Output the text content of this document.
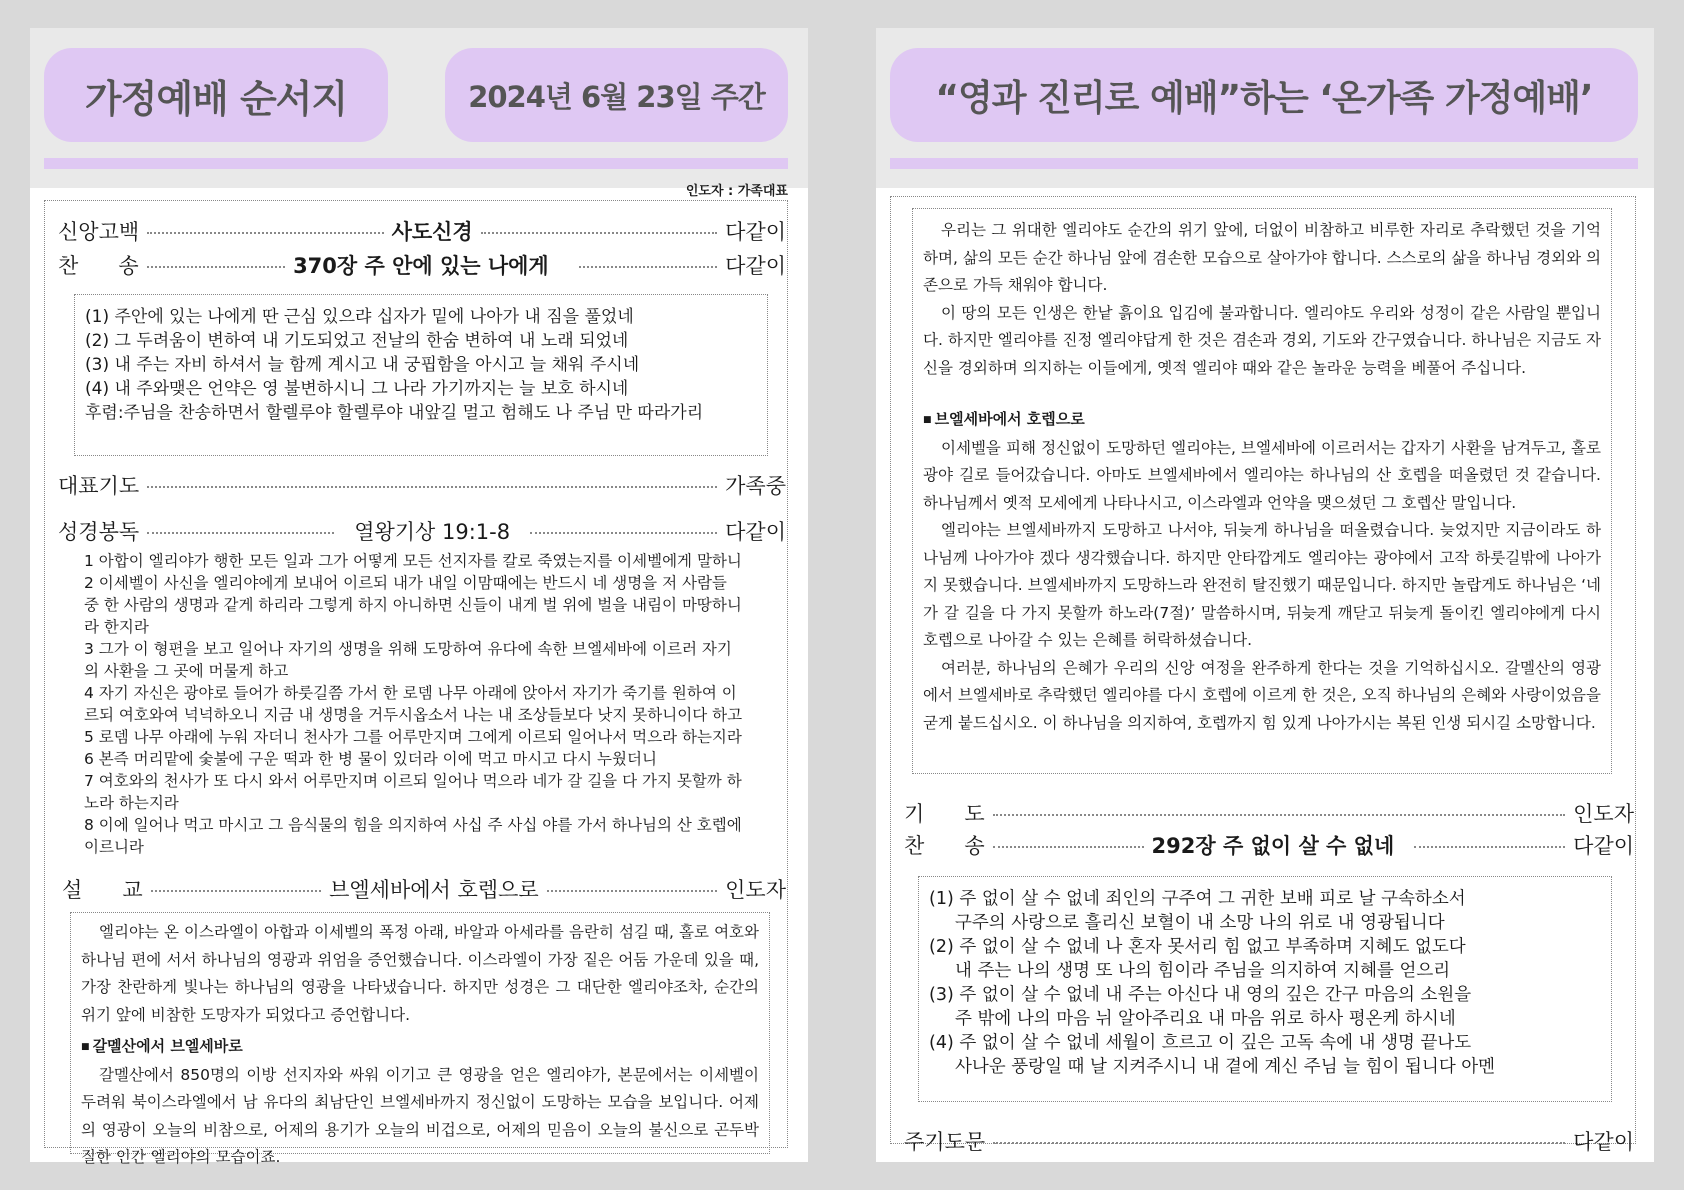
가정예배 순서지	2024년 6월 23일 주간
인도자 : 가족대표
신앙고백	사도신경	다같이
찬      송	370장 주 안에 있는 나에게	다같이

(1) 주안에 있는 나에게 딴 근심 있으랴 십자가 밑에 나아가 내 짐을 풀었네

(2) 그 두려움이 변하여 내 기도되었고 전날의 한숨 변하여 내 노래 되었네

(3) 내 주는 자비 하셔서 늘 함께 계시고 내 궁핍함을 아시고 늘 채워 주시네

(4) 내 주와맺은 언약은 영 불변하시니 그 나라 가기까지는 늘 보호 하시네

후렴:주님을 찬송하면서 할렐루야 할렐루야 내앞길 멀고 험해도 나 주님 만 따라가리

대표기도	가족중
성경봉독	열왕기상 19:1-8	다같이

1 아합이 엘리야가 행한 모든 일과 그가 어떻게 모든 선지자를 칼로 죽였는지를 이세벨에게 말하니

2 이세벨이 사신을 엘리야에게 보내어 이르되 내가 내일 이맘때에는 반드시 네 생명을 저 사람들

중 한 사람의 생명과 같게 하리라 그렇게 하지 아니하면 신들이 내게 벌 위에 벌을 내림이 마땅하니

라 한지라

3 그가 이 형편을 보고 일어나 자기의 생명을 위해 도망하여 유다에 속한 브엘세바에 이르러 자기

의 사환을 그 곳에 머물게 하고

4 자기 자신은 광야로 들어가 하룻길쯤 가서 한 로뎀 나무 아래에 앉아서 자기가 죽기를 원하여 이

르되 여호와여 넉넉하오니 지금 내 생명을 거두시옵소서 나는 내 조상들보다 낫지 못하니이다 하고

5 로뎀 나무 아래에 누워 자더니 천사가 그를 어루만지며 그에게 이르되 일어나서 먹으라 하는지라

6 본즉 머리맡에 숯불에 구운 떡과 한 병 물이 있더라 이에 먹고 마시고 다시 누웠더니

7 여호와의 천사가 또 다시 와서 어루만지며 이르되 일어나 먹으라 네가 갈 길을 다 가지 못할까 하

노라 하는지라

8 이에 일어나 먹고 마시고 그 음식물의 힘을 의지하여 사십 주 사십 야를 가서 하나님의 산 호렙에

이르니라

설      교	브엘세바에서 호렙으로	인도자

엘리야는 온 이스라엘이 아합과 이세벨의 폭정 아래, 바알과 아세라를 음란히 섬길 때, 홀로 여호와 하나님 편에 서서 하나님의 영광과 위엄을 증언했습니다. 이스라엘이 가장 짙은 어둠 가운데 있을 때, 가장 찬란하게 빛나는 하나님의 영광을 나타냈습니다. 하지만 성경은 그 대단한 엘리야조차, 순간의 위기 앞에 비참한 도망자가 되었다고 증언합니다.

■ 갈멜산에서 브엘세바로

갈멜산에서 850명의 이방 선지자와 싸워 이기고 큰 영광을 얻은 엘리야가, 본문에서는 이세벨이 두려워 북이스라엘에서 남 유다의 최남단인 브엘세바까지 정신없이 도망하는 모습을 보입니다. 어제의 영광이 오늘의 비참으로, 어제의 용기가 오늘의 비겁으로, 어제의 믿음이 오늘의 불신으로 곤두박질한 인간 엘리야의 모습이죠.

“영과 진리로 예배”하는 ‘온가족 가정예배’

우리는 그 위대한 엘리야도 순간의 위기 앞에, 더없이 비참하고 비루한 자리로 추락했던 것을 기억하며, 삶의 모든 순간 하나님 앞에 겸손한 모습으로 살아가야 합니다. 스스로의 삶을 하나님 경외와 의존으로 가득 채워야 합니다.

이 땅의 모든 인생은 한낱 흙이요 입김에 불과합니다. 엘리야도 우리와 성정이 같은 사람일 뿐입니다. 하지만 엘리야를 진정 엘리야답게 한 것은 겸손과 경외, 기도와 간구였습니다. 하나님은 지금도 자신을 경외하며 의지하는 이들에게, 옛적 엘리야 때와 같은 놀라운 능력을 베풀어 주십니다.

■ 브엘세바에서 호렙으로

이세벨을 피해 정신없이 도망하던 엘리야는, 브엘세바에 이르러서는 갑자기 사환을 남겨두고, 홀로 광야 길로 들어갔습니다. 아마도 브엘세바에서 엘리야는 하나님의 산 호렙을 떠올렸던 것 같습니다. 하나님께서 옛적 모세에게 나타나시고, 이스라엘과 언약을 맺으셨던 그 호렙산 말입니다.

엘리야는 브엘세바까지 도망하고 나서야, 뒤늦게 하나님을 떠올렸습니다. 늦었지만 지금이라도 하나님께 나아가야 겠다 생각했습니다. 하지만 안타깝게도 엘리야는 광야에서 고작 하룻길밖에 나아가지 못했습니다. 브엘세바까지 도망하느라 완전히 탈진했기 때문입니다. 하지만 놀랍게도 하나님은 ‘네가 갈 길을 다 가지 못할까 하노라(7절)’ 말씀하시며, 뒤늦게 깨닫고 뒤늦게 돌이킨 엘리야에게 다시 호렙으로 나아갈 수 있는 은혜를 허락하셨습니다.

여러분, 하나님의 은혜가 우리의 신앙 여정을 완주하게 한다는 것을 기억하십시오. 갈멜산의 영광에서 브엘세바로 추락했던 엘리야를 다시 호렙에 이르게 한 것은, 오직 하나님의 은혜와 사랑이었음을 굳게 붙드십시오. 이 하나님을 의지하여, 호렙까지 힘 있게 나아가시는 복된 인생 되시길 소망합니다.

기      도	인도자
찬      송	292장 주 없이 살 수 없네	다같이

(1) 주 없이 살 수 없네 죄인의 구주여 그 귀한 보배 피로 날 구속하소서

구주의 사랑으로 흘리신 보혈이 내 소망 나의 위로 내 영광됩니다

(2) 주 없이 살 수 없네 나 혼자 못서리 힘 없고 부족하며 지혜도 없도다

내 주는 나의 생명 또 나의 힘이라 주님을 의지하여 지혜를 얻으리

(3) 주 없이 살 수 없네 내 주는 아신다 내 영의 깊은 간구 마음의 소원을

주 밖에 나의 마음 뉘 알아주리요 내 마음 위로 하사 평온케 하시네

(4) 주 없이 살 수 없네 세월이 흐르고 이 깊은 고독 속에 내 생명 끝나도

사나운 풍랑일 때 날 지켜주시니 내 곁에 계신 주님 늘 힘이 됩니다 아멘

주기도문	다같이
